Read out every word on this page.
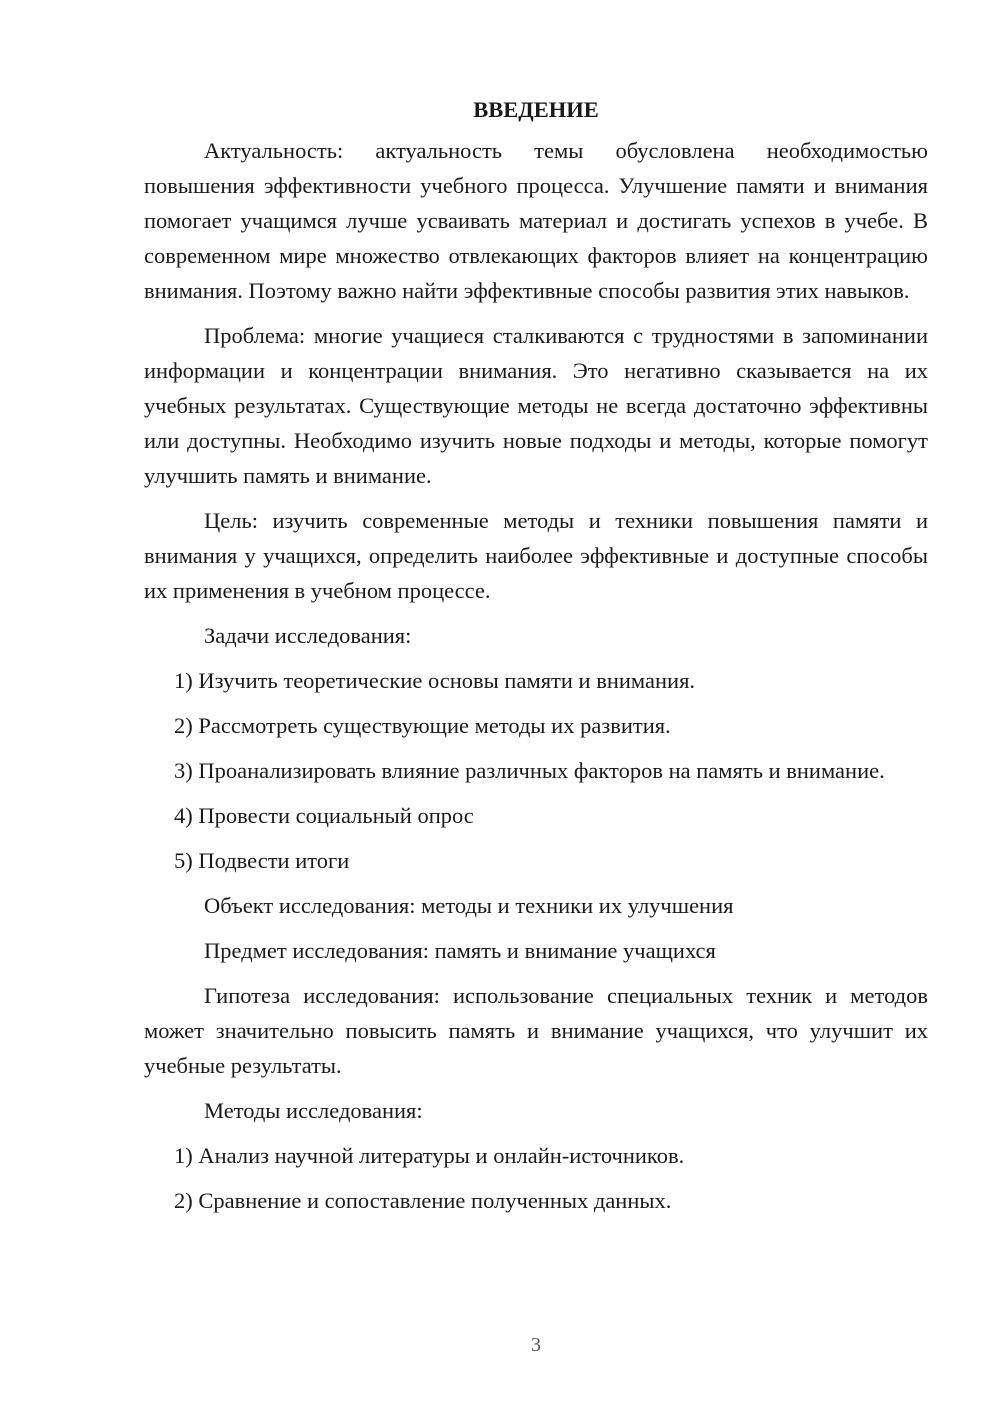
ВВЕДЕНИЕ

Актуальность: актуальность темы обусловлена необходимостью повышения эффективности учебного процесса. Улучшение памяти и внимания помогает учащимся лучше усваивать материал и достигать успехов в учебе. В современном мире множество отвлекающих факторов влияет на концентрацию внимания. Поэтому важно найти эффективные способы развития этих навыков.

Проблема: многие учащиеся сталкиваются с трудностями в запоминании информации и концентрации внимания. Это негативно сказывается на их учебных результатах. Существующие методы не всегда достаточно эффективны или доступны. Необходимо изучить новые подходы и методы, которые помогут улучшить память и внимание.

Цель: изучить современные методы и техники повышения памяти и внимания у учащихся, определить наиболее эффективные и доступные способы их применения в учебном процессе.

Задачи исследования:

1) Изучить теоретические основы памяти и внимания.

2) Рассмотреть существующие методы их развития.

3) Проанализировать влияние различных факторов на память и внимание.

4) Провести социальный опрос

5) Подвести итоги

Объект исследования: методы и техники их улучшения

Предмет исследования: память и внимание учащихся

Гипотеза исследования: использование специальных техник и методов может значительно повысить память и внимание учащихся, что улучшит их учебные результаты.

Методы исследования:

1) Анализ научной литературы и онлайн-источников.

2) Сравнение и сопоставление полученных данных.

3
